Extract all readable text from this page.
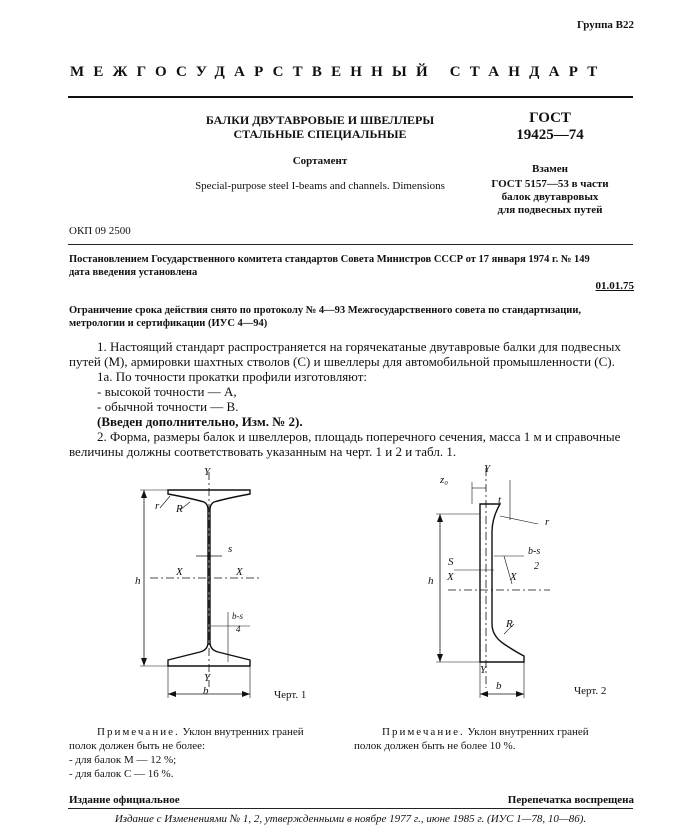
Группа В22
МЕЖГОСУДАРСТВЕННЫЙ СТАНДАРТ
БАЛКИ ДВУТАВРОВЫЕ И ШВЕЛЛЕРЫ
СТАЛЬНЫЕ СПЕЦИАЛЬНЫЕ
Сортамент
Special-purpose steel I-beams and channels. Dimensions
ГОСТ
19425—74
Взамен
ГОСТ 5157—53 в части
балок двутавровых
для подвесных путей
ОКП 09 2500
Постановлением Государственного комитета стандартов Совета Министров СССР от 17 января 1974 г. № 149
дата введения установлена
01.01.75
Ограничение срока действия снято по протоколу № 4—93 Межгосударственного совета по стандартизации,
метрологии и сертификации (ИУС 4—94)
1. Настоящий стандарт распространяется на горячекатаные двутавровые балки для подвесных
путей (М), армировки шахтных стволов (С) и швеллеры для автомобильной промышленности (С).
1а. По точности прокатки профили изготовляют:
- высокой точности — А,
- обычной точности — В.
(Введен дополнительно, Изм. № 2).
2. Форма, размеры балок и швеллеров, площадь поперечного сечения, масса 1 м и справочные
величины должны соответствовать указанным на черт. 1 и 2 и табл. 1.
Y
r R
s
X	X
h
b-s
4
Y
b	Черт. 1
Y
z₀
t
r
b-s
2
S
X	X
h
R
Y
b	Черт. 2
Примечание. Уклон внутренних граней
полок должен быть не более:
- для балок М — 12 %;
- для балок С — 16 %.
Примечание. Уклон внутренних граней
полок должен быть не более 10 %.
Издание официальное	Перепечатка воспрещена
Издание с Изменениями № 1, 2, утвержденными в ноябре 1977 г., июне 1985 г. (ИУС 1—78, 10—86).
